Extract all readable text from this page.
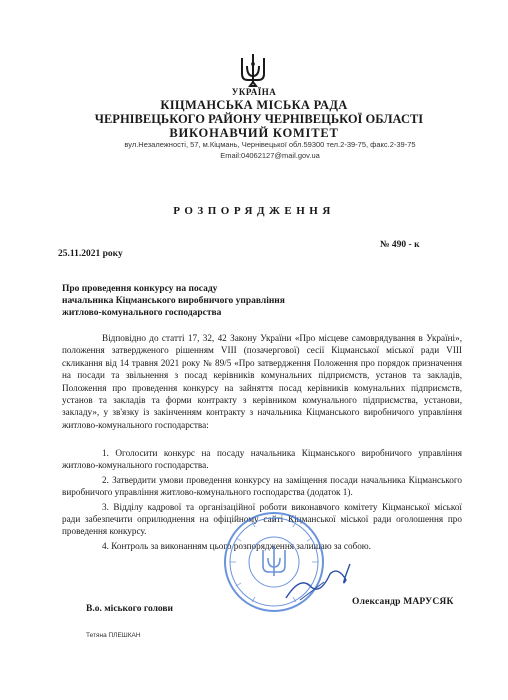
УКРАЇНА
КІЦМАНСЬКА МІСЬКА РАДА
ЧЕРНІВЕЦЬКОГО РАЙОНУ ЧЕРНІВЕЦЬКОЇ ОБЛАСТІ
ВИКОНАВЧИЙ КОМІТЕТ
вул.Незалежності, 57, м.Кіцмань, Чернівецької обл.59300 тел.2-39-75, факс.2-39-75
Email:04062127@mail.gov.ua
РОЗПОРЯДЖЕННЯ
25.11.2021 року
№ 490 - к
Про проведення конкурсу на посаду
начальника Кіцманського виробничого управління
житлово-комунального господарства
Відповідно до статті 17, 32, 42 Закону України «Про місцеве самоврядування в Україні», положення затвердженого рішенням VIII (позачергової) сесії Кіцманської міської ради VIII скликання від 14 травня 2021 року № 89/5 «Про затвердження Положення про порядок призначення на посади та звільнення з посад керівників комунальних підприємств, установ та закладів, Положення про проведення конкурсу на зайняття посад керівників комунальних підприємств, установ та закладів та форми контракту з керівником комунального підприємства, установи, закладу», у зв'язку із закінченням контракту з начальника Кіцманського виробничого управління житлово-комунального господарства:
1. Оголосити конкурс на посаду начальника Кіцманського виробничого управління житлово-комунального господарства.
2. Затвердити умови проведення конкурсу на заміщення посади начальника Кіцманського виробничого управління житлово-комунального господарства (додаток 1).
3. Відділу кадрової та організаційної роботи виконавчого комітету Кіцманської міської ради забезпечити оприлюднення на офіційному сайті Кіцманської міської ради оголошення про проведення конкурсу.
4. Контроль за виконанням цього розпорядження залишаю за собою.
В.о. міського голови
Олександр МАРУСЯК
Тетяна ПЛЕШКАН
